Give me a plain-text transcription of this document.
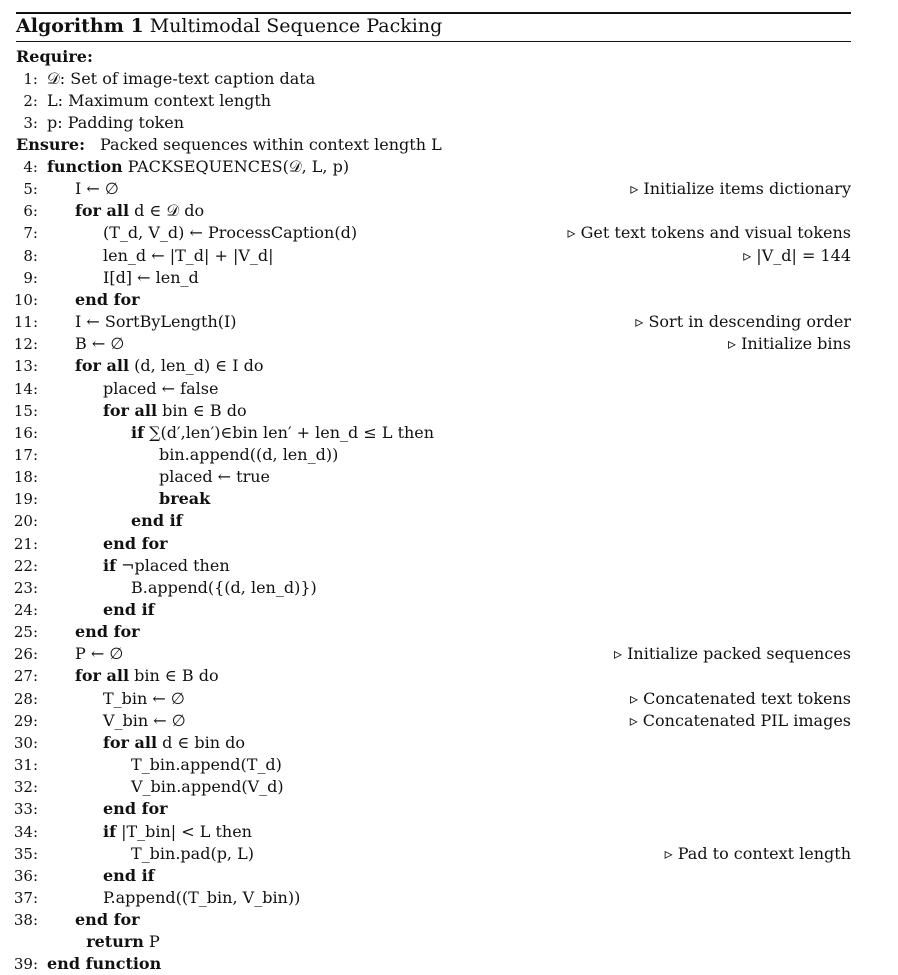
Algorithm 1 Multimodal Sequence Packing
Require:
1: 𝒟: Set of image-text caption data
2: L: Maximum context length
3: p: Padding token
Ensure: Packed sequences within context length L
4: function PACKSEQUENCES(𝒟, L, p)
5: I ← ∅	▹ Initialize items dictionary
6: for all d ∈ 𝒟 do
7:	(T_d, V_d) ← ProcessCaption(d)	▹ Get text tokens and visual tokens
8:	len_d ← |T_d| + |V_d|	▹ |V_d| = 144
9:	I[d] ← len_d
10: end for
11: I ← SortByLength(I)	▹ Sort in descending order
12: B ← ∅	▹ Initialize bins
13: for all (d, len_d) ∈ I do
14:	placed ← false
15:	for all bin ∈ B do
16:	if ∑(d′,len′)∈bin len′ + len_d ≤ L then
17:	bin.append((d, len_d))
18:	placed ← true
19:	break
20:	end if
21:	end for
22:	if ¬placed then
23:	B.append({(d, len_d)})
24:	end if
25: end for
26: P ← ∅	▹ Initialize packed sequences
27: for all bin ∈ B do
28:	T_bin ← ∅	▹ Concatenated text tokens
29:	V_bin ← ∅	▹ Concatenated PIL images
30:	for all d ∈ bin do
31:	T_bin.append(T_d)
32:	V_bin.append(V_d)
33:	end for
34:	if |T_bin| < L then
35:	T_bin.pad(p, L)	▹ Pad to context length
36:	end if
37:	P.append((T_bin, V_bin))
38: end for
return P
39: end function
